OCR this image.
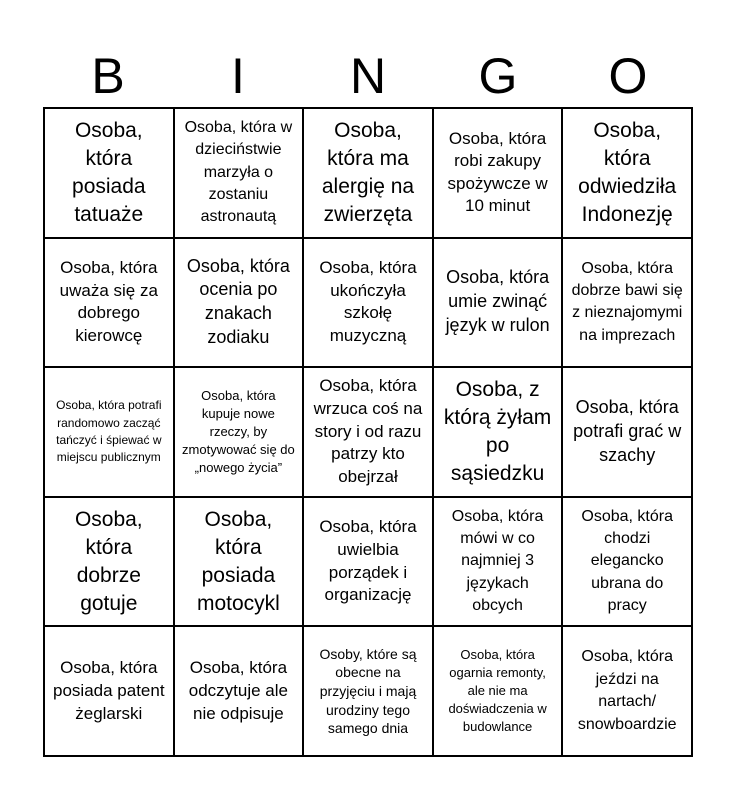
B	I	N	G	O
Osoba, która posiada tatuaże
Osoba, która w dzieciństwie marzyła o zostaniu astronautą
Osoba, która ma alergię na zwierzęta
Osoba, która robi zakupy spożywcze w 10 minut
Osoba, która odwiedziła Indonezję
Osoba, która uważa się za dobrego kierowcę
Osoba, która ocenia po znakach zodiaku
Osoba, która ukończyła szkołę muzyczną
Osoba, która umie zwinąć język w rulon
Osoba, która dobrze bawi się z nieznajomymi na imprezach
Osoba, która potrafi randomowo zacząć tańczyć i śpiewać w miejscu publicznym
Osoba, która kupuje nowe rzeczy, by zmotywować się do „nowego życia”
Osoba, która wrzuca coś na story i od razu patrzy kto obejrzał
Osoba, z którą żyłam po sąsiedzku
Osoba, która potrafi grać w szachy
Osoba, która dobrze gotuje
Osoba, która posiada motocykl
Osoba, która uwielbia porządek i organizację
Osoba, która mówi w co najmniej 3 językach obcych
Osoba, która chodzi elegancko ubrana do pracy
Osoba, która posiada patent żeglarski
Osoba, która odczytuje ale nie odpisuje
Osoby, które są obecne na przyjęciu i mają urodziny tego samego dnia
Osoba, która ogarnia remonty, ale nie ma doświadczenia w budowlance
Osoba, która jeździ na nartach/ snowboardzie
